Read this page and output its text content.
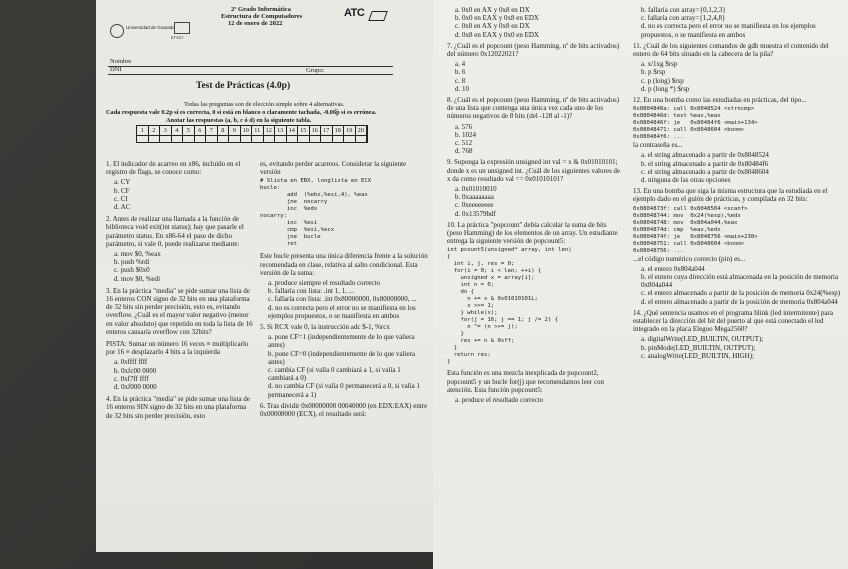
Universidad de Granada
ETSIIT
2º Grado Informática
Estructura de Computadores
12 de enero de 2022
ATC
Nombre
DNI	Grupo:
Test de Prácticas (4.0p)
Todas las preguntas son de elección simple sobre 4 alternativas.
Cada respuesta vale 0.2p si es correcta, 0 si está en blanco o claramente tachada, -0.06̅p si es errónea.
Anotar las respuestas (a, b, c ó d) en la siguiente tabla.
1	2	3	4	5	6	7	8	9	10 11 12 13 14 15 16 17 18 19 20
1. El indicador de acarreo en x86, incluido en el registro de flags, se conoce como:
a. CY
b. CF
c. CI
d. AC
2. Antes de realizar una llamada a la función de biblioteca void exit(int status); hay que pasarle el parámetro status. En x86-64 el paso de dicho parámetro, si vale 0, puede realizarse mediante:
a. mov $0, %eax
b. push %rdi
c. push $0x0
d. mov $0, %edi
3. En la práctica "media" se pide sumar una lista de 16 enteros CON signo de 32 bits en una plataforma de 32 bits sin perder precisión, esto es, evitando overflow. ¿Cuál es el mayor valor negativo (menor en valor absoluto) que repetido en toda la lista de 16 enteros causaría overflow con 32bits?
PISTA: Sumar un número 16 veces ≡ multiplicarlo por 16 ≡ desplazarlo 4 bits a la izquierda
a. 0xffff ffff
b. 0xfc00 0000
c. 0xf7ff ffff
d. 0xf000 0000
4. En la práctica "media" se pide sumar una lista de 16 enteros SIN signo de 32 bits en una plataforma de 32 bits sin perder precisión, esto
es, evitando perder acarreos. Considerar la siguiente versión
# Slista en EBX, longlista en ECX
bucle:
add  (%ebx,%esi,4), %eax
jne  nocarry
inc  %edx
nocarry:
inc  %esi
cmp  %esi,%ecx
jne  bucle
ret
Este bucle presenta una única diferencia frente a la solución recomendada en clase, relativa al salto condicional. Esta versión de la suma:
a. produce siempre el resultado correcto
b. fallaría con lista: .int 1, 1, ...
c. fallaría con lista: .int 0x80000000, 0x80000000, ...
d. no es correcta pero el error no se manifiesta en los ejemplos propuestos, o se manifiesta en ambos
5. Si RCX vale 0, la instrucción adc $-1, %rcx
a. pone CF=1 (independientemente de lo que valiera antes)
b. pone CF=0 (independientemente de lo que valiera antes)
c. cambia CF (si valía 0 cambiará a 1, si valía 1 cambiará a 0)
d. no cambia CF (si valía 0 permanecerá a 0, si valía 1 permanecerá a 1)
6. Tras dividir 0x00000000 00040000 (en EDX:EAX) entre 0x00008000 (ECX), el resultado será:
a. 0x0 en AX y 0x8 en DX
b. 0x0 en EAX y 0x8 en EDX
c. 0x8 en AX y 0x8 en DX
d. 0x8 en EAX y 0x0 en EDX
7. ¿Cuál es el popcount (peso Hamming, nº de bits activados) del número 0x12022021?
a. 4
b. 6
c. 8
d. 10
8. ¿Cuál es el popcount (peso Hamming, nº de bits activados) de una lista que contenga una única vez cada uno de los números negativos de 8 bits (del -128 al -1)?
a. 576
b. 1024
c. 512
d. 768
9. Suponga la expresión unsigned int val = x & 0x01010101; donde x es un unsigned int. ¿Cuál de los siguientes valores de x da como resultado val == 0x01010101?
a. 0x01010010
b. 0xaaaaaaaa
c. 0xeeeeeeee
d. 0x13579bdf
10. La práctica "popcount" debía calcular la suma de bits (peso Hamming) de los elementos de un array. Un estudiante entrega la siguiente versión de popcount5:
int pcount5(unsigned* array, int len)
{
int i, j, res = 0;
for(i = 0; i < len; ++i) {
unsigned x = array[i];
int n = 0;
do {
n += x & 0x01010101L;
x >>= 1;
} while(x);
for(j = 16; j == 1; j /= 2) {
n ^= (n >>= j);
}
res += n & 0xff;
}
return res;
}
Esta función es una mezcla inexplicada de popcount2, popcount5 y un bucle for(j) que recomendamos leer con atención. Esta función popcount5:
a. produce el resultado correcto
b. fallaría con array={0,1,2,3}
c. fallaría con array={1,2,4,8}
d. no es correcta pero el error no se manifiesta en los ejemplos propuestos, o se manifiesta en ambos
11. ¿Cuál de los siguientes comandos de gdb muestra el contenido del entero de 64 bits situado en la cabecera de la pila?
a. x/1xg $rsp
b. p $rsp
c. p (long) $rsp
d. p (long *) $rsp
12. En una bomba como las estudiadas en prácticas, del tipo...
0x0804846a: call 0x8048524 <strncmp>
0x0804846d: test %eax,%eax
0x0804846f: je   0x80484f6 <main+134>
0x08048471: call 0x8048604 <boom>
0x080484f6: ...
la contraseña es...
a. el string almacenado a partir de 0x8048524
b. el string almacenado a partir de 0x80484f6
c. el string almacenado a partir de 0x8048604
d. ninguna de las otras opciones
13. En una bomba que siga la misma estructura que la estudiada en el ejemplo dado en el guión de prácticas, y compilada en 32 bits:
0x0804873f: call 0x8048504 <scanf>
0x08048744: mov  0x24(%esp),%edx
0x08048748: mov  0x804a044,%eax
0x0804874d: cmp  %eax,%edx
0x0804874f: je   0x8048756 <main+230>
0x08048751: call 0x8048604 <boom>
0x08048756: ...
...el código numérico correcto (pin) es...
a. el entero 0x804a044
b. el entero cuya dirección está almacenada en la posición de memoria 0x804a044
c. el entero almacenado a partir de la posición de memoria 0x24(%esp)
d. el entero almacenado a partir de la posición de memoria 0x804a044
14. ¿Qué sentencia usamos en el programa blink (led intermitente) para establecer la dirección del bit del puerto al que está conectado el led integrado en la placa Elegoo Mega2560?
a. digitalWrite(LED_BUILTIN, OUTPUT);
b. pinMode(LED_BUILTIN, OUTPUT);
c. analogWrite(LED_BUILTIN, HIGH);
